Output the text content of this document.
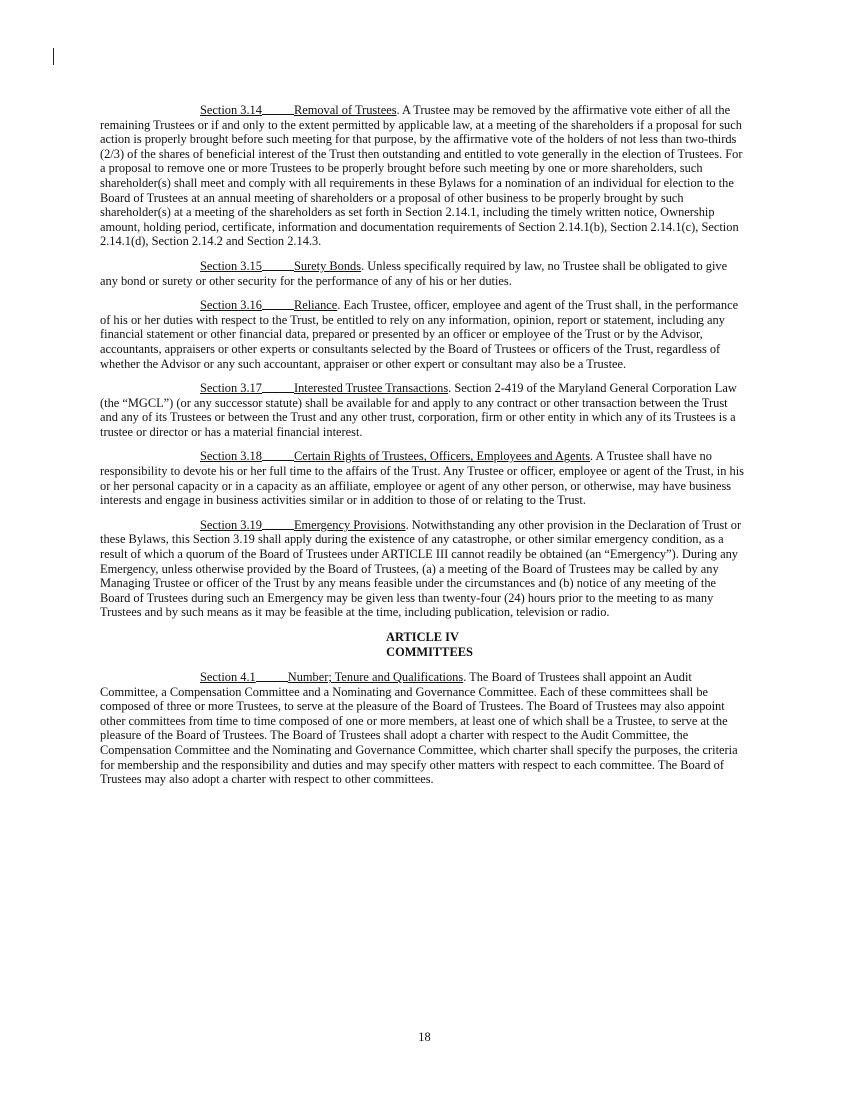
Section 3.14	Removal of Trustees. A Trustee may be removed by the affirmative vote either of all the remaining Trustees or if and only to the extent permitted by applicable law, at a meeting of the shareholders if a proposal for such action is properly brought before such meeting for that purpose, by the affirmative vote of the holders of not less than two-thirds (2/3) of the shares of beneficial interest of the Trust then outstanding and entitled to vote generally in the election of Trustees. For a proposal to remove one or more Trustees to be properly brought before such meeting by one or more shareholders, such shareholder(s) shall meet and comply with all requirements in these Bylaws for a nomination of an individual for election to the Board of Trustees at an annual meeting of shareholders or a proposal of other business to be properly brought by such shareholder(s) at a meeting of the shareholders as set forth in Section 2.14.1, including the timely written notice, Ownership amount, holding period, certificate, information and documentation requirements of Section 2.14.1(b), Section 2.14.1(c), Section 2.14.1(d), Section 2.14.2 and Section 2.14.3.

Section 3.15	Surety Bonds. Unless specifically required by law, no Trustee shall be obligated to give any bond or surety or other security for the performance of any of his or her duties.

Section 3.16	Reliance. Each Trustee, officer, employee and agent of the Trust shall, in the performance of his or her duties with respect to the Trust, be entitled to rely on any information, opinion, report or statement, including any financial statement or other financial data, prepared or presented by an officer or employee of the Trust or by the Advisor, accountants, appraisers or other experts or consultants selected by the Board of Trustees or officers of the Trust, regardless of whether the Advisor or any such accountant, appraiser or other expert or consultant may also be a Trustee.

Section 3.17	Interested Trustee Transactions. Section 2-419 of the Maryland General Corporation Law (the “MGCL”) (or any successor statute) shall be available for and apply to any contract or other transaction between the Trust and any of its Trustees or between the Trust and any other trust, corporation, firm or other entity in which any of its Trustees is a trustee or director or has a material financial interest.

Section 3.18	Certain Rights of Trustees, Officers, Employees and Agents. A Trustee shall have no responsibility to devote his or her full time to the affairs of the Trust. Any Trustee or officer, employee or agent of the Trust, in his or her personal capacity or in a capacity as an affiliate, employee or agent of any other person, or otherwise, may have business interests and engage in business activities similar or in addition to those of or relating to the Trust.

Section 3.19	Emergency Provisions. Notwithstanding any other provision in the Declaration of Trust or these Bylaws, this Section 3.19 shall apply during the existence of any catastrophe, or other similar emergency condition, as a result of which a quorum of the Board of Trustees under ARTICLE III cannot readily be obtained (an “Emergency”). During any Emergency, unless otherwise provided by the Board of Trustees, (a) a meeting of the Board of Trustees may be called by any Managing Trustee or officer of the Trust by any means feasible under the circumstances and (b) notice of any meeting of the Board of Trustees during such an Emergency may be given less than twenty-four (24) hours prior to the meeting to as many Trustees and by such means as it may be feasible at the time, including publication, television or radio.

ARTICLE IV
COMMITTEES

Section 4.1	Number; Tenure and Qualifications. The Board of Trustees shall appoint an Audit Committee, a Compensation Committee and a Nominating and Governance Committee. Each of these committees shall be composed of three or more Trustees, to serve at the pleasure of the Board of Trustees. The Board of Trustees may also appoint other committees from time to time composed of one or more members, at least one of which shall be a Trustee, to serve at the pleasure of the Board of Trustees. The Board of Trustees shall adopt a charter with respect to the Audit Committee, the Compensation Committee and the Nominating and Governance Committee, which charter shall specify the purposes, the criteria for membership and the responsibility and duties and may specify other matters with respect to each committee. The Board of Trustees may also adopt a charter with respect to other committees.

18
